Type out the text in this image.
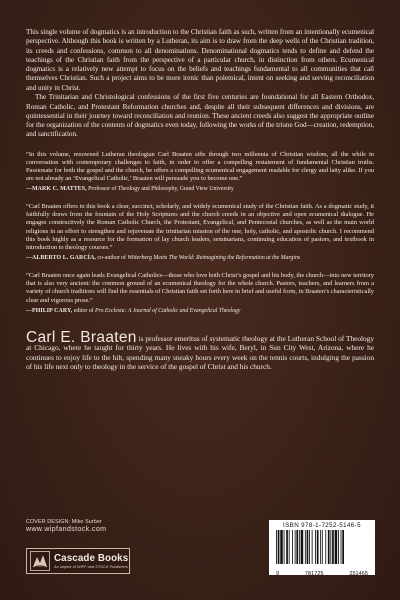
This single volume of dogmatics is an introduction to the Christian faith as such, written from an intentionally ecumenical perspective. Although this book is written by a Lutheran, its aim is to draw from the deep wells of the Christian tradition, its creeds and confessions, common to all denominations. Denominational dogmatics tends to define and defend the teachings of the Christian faith from the perspective of a particular church, in distinction from others. Ecumenical dogmatics is a relatively new attempt to focus on the beliefs and teachings fundamental to all communities that call themselves Christian. Such a project aims to be more irenic than polemical, intent on seeking and serving reconciliation and unity in Christ.

The Trinitarian and Christological confessions of the first five centuries are foundational for all Eastern Orthodox, Roman Catholic, and Protestant Reformation churches and, despite all their subsequent differences and divisions, are quintessential in their journey toward reconciliation and reunion. These ancient creeds also suggest the appropriate outline for the organization of the contents of dogmatics even today, following the works of the triune God—creation, redemption, and sanctification.

“In this volume, renowned Lutheran theologian Carl Braaten sifts through two millennia of Christian wisdom, all the while in conversation with contemporary challenges to faith, in order to offer a compelling restatement of fundamental Christian truths. Passionate for both the gospel and the church, he offers a compelling ecumenical engagement readable for clergy and laity alike. If you are not already an ‘Evangelical Catholic,’ Braaten will persuade you to become one.”

—MARK C. MATTES, Professor of Theology and Philosophy, Grand View University

“Carl Braaten offers in this book a clear, succinct, scholarly, and widely ecumenical study of the Christian faith. As a dogmatic study, it faithfully draws from the fountain of the Holy Scriptures and the church creeds in an objective and open ecumenical dialogue. He engages constructively the Roman Catholic Church, the Protestant, Evangelical, and Pentecostal churches, as well as the main world religions in an effort to strengthen and rejuvenate the trinitarian mission of the one, holy, catholic, and apostolic church. I recommend this book highly as a resource for the formation of lay church leaders, seminarians, continuing education of pastors, and textbook in introduction to theology courses.”

—ALBERTO L. GARCÍA, co-author of Witterberg Meets The World: Reimagining the Reformation at the Margins

“Carl Braaten once again leads Evangelical Catholics—those who love both Christ’s gospel and his body, the church—into new territory that is also very ancient: the common ground of an ecumenical theology for the whole church. Pastors, teachers, and learners from a variety of church traditions will find the essentials of Christian faith set forth here in brief and useful form, in Braaten’s characteristically clear and vigorous prose.”

—PHILIP CARY, editor of Pro Ecclesia: A Journal of Catholic and Evangelical Theology

Carl E. Braaten is professor emeritus of systematic theology at the Lutheran School of Theology at Chicago, where he taught for thirty years. He lives with his wife, Beryl, in Sun City West, Arizona, where he continues to enjoy life to the hilt, spending many sneaky hours every week on the tennis courts, indulging the passion of his life next only to theology in the service of the gospel of Christ and his church.

COVER DESIGN: Mike Surber
www.wipfandstock.com
Cascade Books
An imprint of WIPF and STOCK Publishers
ISBN 978-1-7252-5146-5
9	781725	251465
